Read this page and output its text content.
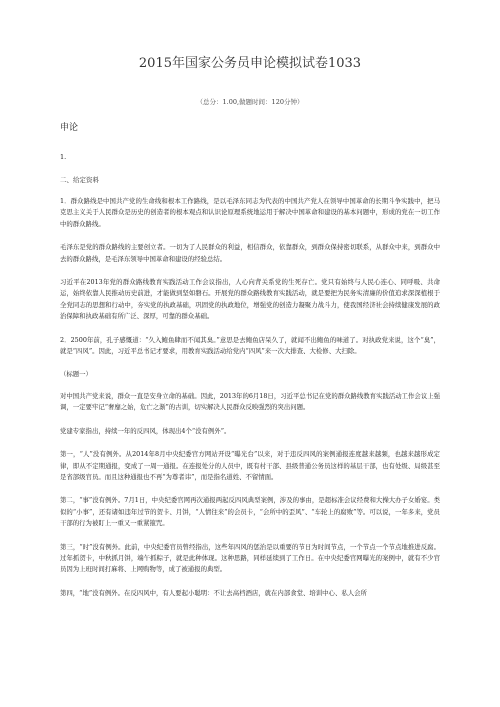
2015年国家公务员申论模拟试卷1033
（总分：1.00,做题时间：120分钟）
申论
1.
二、给定资料

1．群众路线是中国共产党的生命线和根本工作路线，是以毛泽东同志为代表的中国共产党人在领导中国革命的长期斗争实践中，把马克思主义关于人民群众是历史的创造者的根本观点和认识论原理系统地运用于解决中国革命和建设的基本问题中，形成的党在一切工作中的群众路线。

毛泽东是党的群众路线的主要创立者。一切为了人民群众的利益，相信群众，依靠群众，到群众保持密切联系，从群众中来，到群众中去的群众路线，是毛泽东领导中国革命和建设的经验总结。

习近平在2013年党的群众路线教育实践活动工作会议指出，人心向背关系党的生死存亡。党只有始终与人民心连心、同呼吸、共命运，始终依靠人民推动历史前进，才能做到坚如磐石。开展党的群众路线教育实践活动，就是要把为民务实清廉的价值追求深深植根于全党同志的思想和行动中，夯实党的执政基础，巩固党的执政地位，增强党的创造力凝聚力战斗力，使我国经济社会持续健康发展的政治保障和执政基础有所广泛、深厚，可靠的群众基础。

2．2500年前，孔子感慨道：“久入鲍鱼肆而不闻其臭。”意思是去鲍鱼店呆久了，就闻不出鲍鱼的味道了。对执政党来说，这个“臭”，就是“四风”。因此，习近平总书记才要求，用教育实践活动给党内“四风”来一次大排查、大检修、大扫除。

（标题一）

对中国共产党来说，群众一直是安身立命的基础。因此，2013年的6月18日，习近平总书记在党的群众路线教育实践活动工作会议上强调，一定要牢记“奢靡之始，危亡之渐”的古训，切实解决人民群众反映强烈的突出问题。

党建专家指出，持续一年的反四风，体现出4个“没有例外”。

第一，“人”没有例外。从2014年8月中央纪委官方网站开设“曝光台”以来，对于违反四风的案例通报连度越来越频，也越来越形成定律，即从不定期通报，变成了一周一通报。在连报处分的人员中，既有村干部、县级普通公务员这样的基层干部，也有处级、局级甚至是省部级官员。而且这种通报也不再“为尊者讳”，而是指名道姓、不留情面。

第二，“事”没有例外。7月1日，中央纪委官网再次通报两起反四风典型案例，涉及的事由，是超标准会议经费和大操大办子女婚宴。类似的“小事”，还有诸如违年过节的贺卡、月饼，“人情往来”的会员卡，“会所中的歪风”、“车轮上的腐败”等。可以说，一年多来，党员干部的行为被盯上一重又一重紧箍咒。

第三，“时”没有例外。此前，中央纪委官员曾经指出，这些年四风的惩治是以重要的节日为时间节点，一个节点一个节点地推进反腐。过年抓贺卡，中秋抓月饼，端午抓粽子，就是此种体现。这种思路，同样延续到了工作日。在中央纪委官网曝光的案例中，就有不少官员因为上班时间打麻将、上网购物等，成了被通报的典型。

第四，“地”没有例外。在反四风中，有人要起小聪明：不让去高档酒店，就在内部食堂、培训中心、私人会所
